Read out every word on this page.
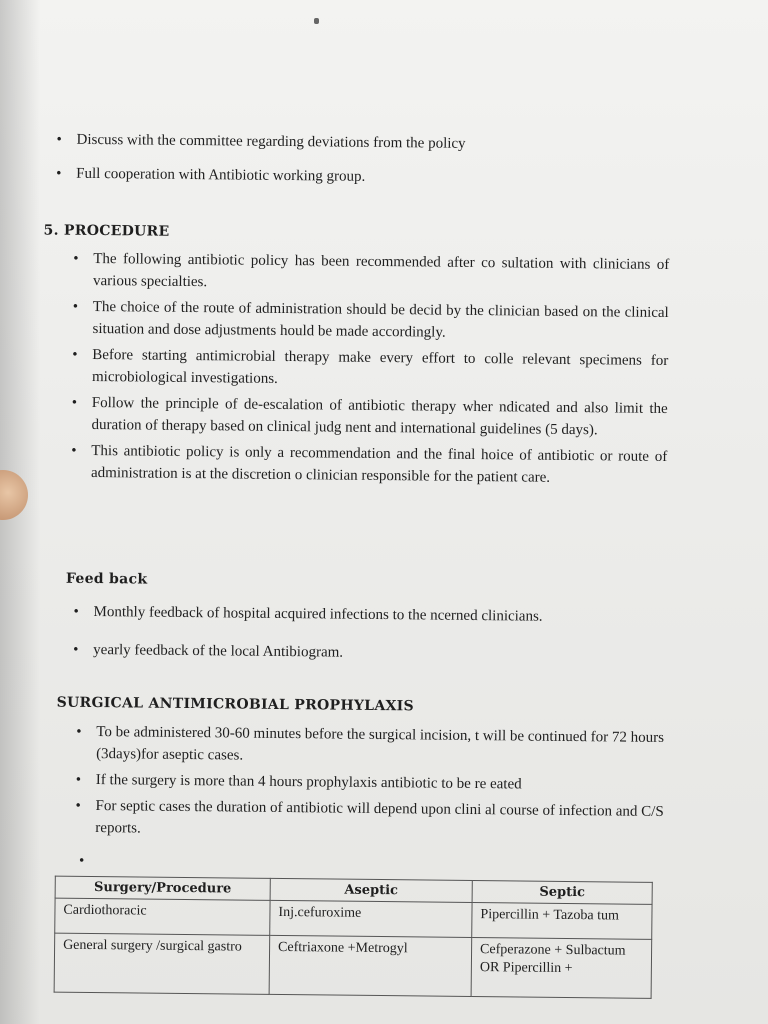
• Discuss with the committee regarding deviations from the policy
• Full cooperation with Antibiotic working group.
5. PROCEDURE
• The following antibiotic policy has been recommended after co sultation with clinicians of various specialties.
• The choice of the route of administration should be decid by the clinician based on the clinical situation and dose adjustments hould be made accordingly.
• Before starting antimicrobial therapy make every effort to colle relevant specimens for microbiological investigations.
• Follow the principle of de-escalation of antibiotic therapy wher ndicated and also limit the duration of therapy based on clinical judg nent and international guidelines (5 days).
• This antibiotic policy is only a recommendation and the final hoice of antibiotic or route of administration is at the discretion o clinician responsible for the patient care.
Feed back
• Monthly feedback of hospital acquired infections to the ncerned clinicians.
• yearly feedback of the local Antibiogram.
SURGICAL ANTIMICROBIAL PROPHYLAXIS
• To be administered 30-60 minutes before the surgical incision, t will be continued for 72 hours (3days)for aseptic cases.
• If the surgery is more than 4 hours prophylaxis antibiotic to be re eated
• For septic cases the duration of antibiotic will depend upon clini al course of infection and C/S reports.
•
Surgery/Procedure	Aseptic	Septic
Cardiothoracic	Inj.cefuroxime	Pipercillin + Tazoba tum
General surgery /surgical gastro	Ceftriaxone +Metrogyl	Cefperazone + Sulbactum OR Pipercillin +
